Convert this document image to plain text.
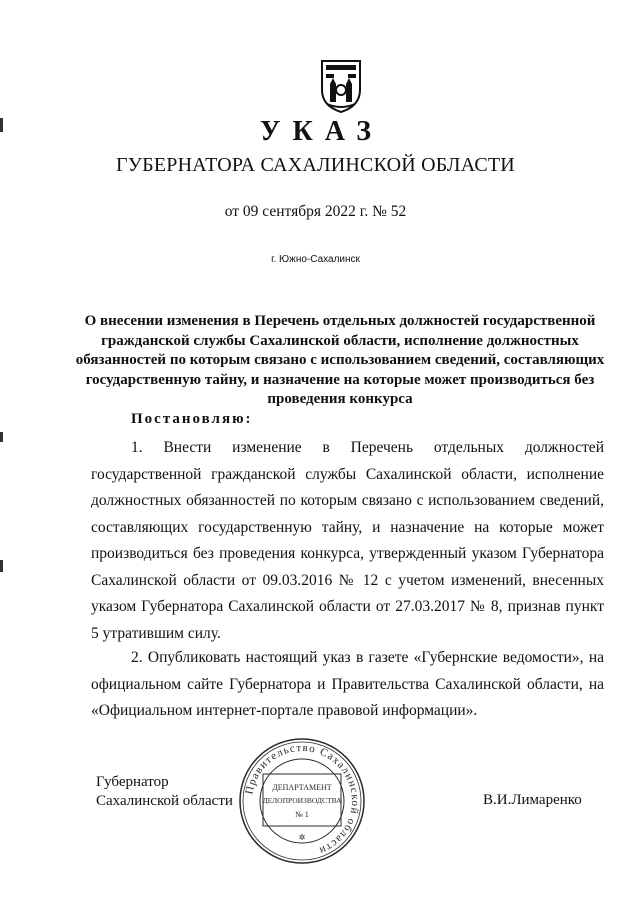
УКАЗ
ГУБЕРНАТОРА САХАЛИНСКОЙ ОБЛАСТИ
от 09 сентября 2022 г. № 52
г. Южно-Сахалинск
О внесении изменения в Перечень отдельных должностей государственной гражданской службы Сахалинской области, исполнение должностных обязанностей по которым связано с использованием сведений, составляющих государственную тайну, и назначение на которые может производиться без проведения конкурса
Постановляю:
1. Внести изменение в Перечень отдельных должностей государственной гражданской службы Сахалинской области, исполнение должностных обязанностей по которым связано с использованием сведений, составляющих государственную тайну, и назначение на которые может производиться без проведения конкурса, утвержденный указом Губернатора Сахалинской области от 09.03.2016 № 12 с учетом изменений, внесенных указом Губернатора Сахалинской области от 27.03.2017 № 8, признав пункт 5 утратившим силу.
2. Опубликовать настоящий указ в газете «Губернские ведомости», на официальном сайте Губернатора и Правительства Сахалинской области, на «Официальном интернет-портале правовой информации».
Губернатор
Сахалинской области
Правительство Сахалинской области
ДЕПАРТАМЕНТ
ДЕЛОПРОИЗВОДСТВА
№ 1
✲
В.И.Лимаренко
